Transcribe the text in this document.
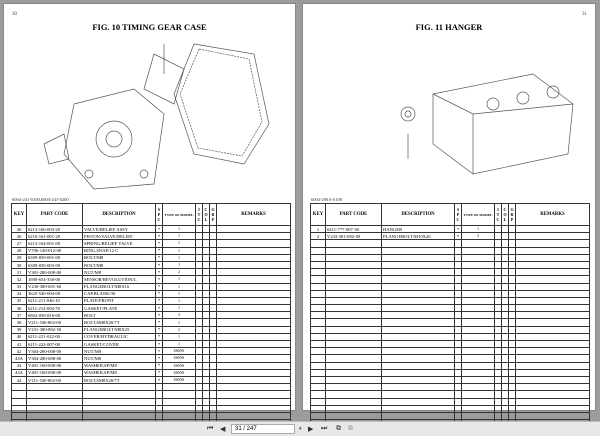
30
FIG. 10 TIMING GEAR CASE
6004-241-0100,6004-241-0200
KEY	PART CODE	DESCRIPTION	S P C	TYPE OF MODEL	I T C	C O L	G R P	REMARKS
26	6213-160-003-20	VALVE/RELIEF ASSY	*	1				
26	6210-161-001-20	PISTON/VALVE/RELIEF	*	1				
27	6213-164-001-00	SPRING/RELIEF VALVE	*	1				
28	V706-140-012-00	RING,SNAP/12 C	*	1				
29	6309-050-001-00	BOLT/M8	*	1				
30	6309-050-003-00	BOLT/M8	*	1				
31	V301-280-008-00	NUT/M8	*	2				
32	1690-654-350-00	SENSOR/REVOLUTION/L	*	1				
33	V230-380-601-60	FLANGEBOLT/M8X16	*	1				
34	3625-540-004-00	CAP,BLANK/30	*	1				
35	6211-211-046-10	PLATE/FRONT	*	1				
36	6211-212-004-70	GASKET/PLATE	*	1				
37	6802-050-816-00	BOLT	*	3				
38	V211-540-802-00	BOLT,SM8X20/7T	*	1				
39	V231-380-802-50	FLANGEBOLT/M8X25	*	2				
40	6211-221-022-00	COVER/HYDRAULIC	*	1				
41	6211-222-007-00	GASKET/COVER	*	1				
42	V304-280-008-00	NUT/M8	*	SS0/SS				
43A	V304-280-008-00	NUT/M8	*	SS0/SS				
43	V401-160-008-00	WASHER,SP/M8	*	SS0/SS				
43A	V401-160-008-00	WASHER,SP/M8	*	SS0/SS				
44	V211-540-802-00	BOLT,SM8X20/7T	*	SS0/SS				

31
FIG. 11 HANGER
6004-290A-0100
KEY	PART CODE	DESCRIPTION	S P C	TYPE OF MODEL	I T C	C O L	G R P	REMARKS
1	6211-777-007-30	HANGER	*	1				
2	V233-381-002-00	FLANGEBOLT/M10X20	*	2				

⏮ ◀	31 / 247	▾ ▶ ⏭ ⧉ ⧉
